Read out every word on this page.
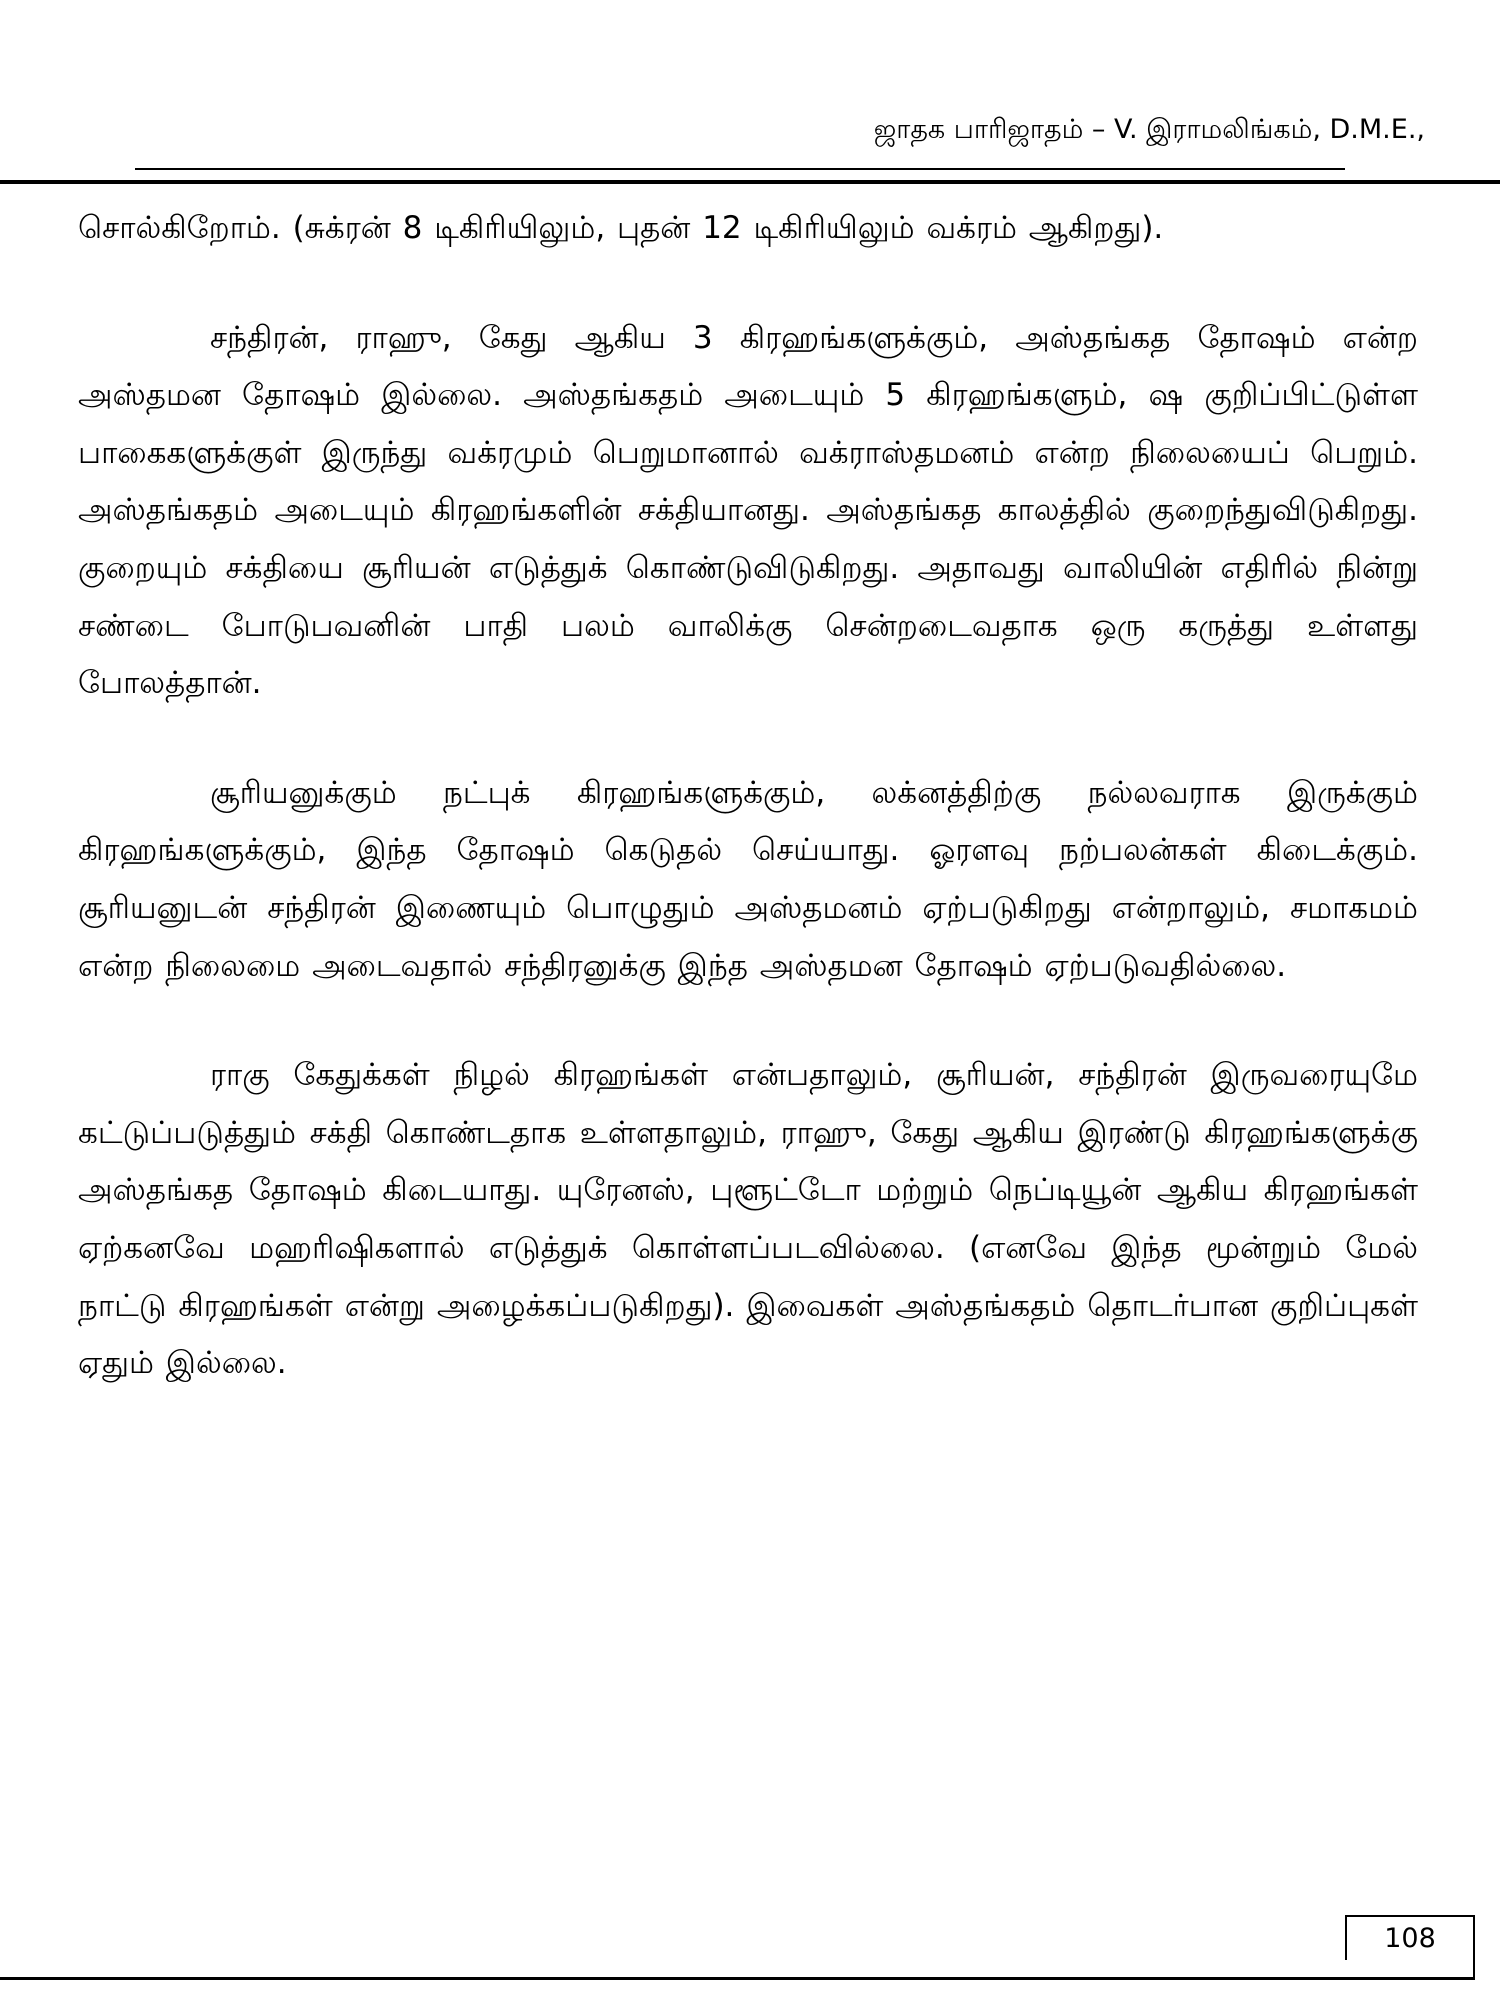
ஜாதக பாரிஜாதம் – V. இராமலிங்கம், D.M.E.,

சொல்கிறோம். (சுக்ரன் 8 டிகிரியிலும், புதன் 12 டிகிரியிலும் வக்ரம் ஆகிறது).

சந்திரன், ராஹு, கேது ஆகிய 3 கிரஹங்களுக்கும், அஸ்தங்கத தோஷம் என்ற அஸ்தமன தோஷம் இல்லை. அஸ்தங்கதம் அடையும் 5 கிரஹங்களும், ஷ குறிப்பிட்டுள்ள பாகைகளுக்குள் இருந்து வக்ரமும் பெறுமானால் வக்ராஸ்தமனம் என்ற நிலையைப் பெறும். அஸ்தங்கதம் அடையும் கிரஹங்களின் சக்தியானது. அஸ்தங்கத காலத்தில் குறைந்துவிடுகிறது. குறையும் சக்தியை சூரியன் எடுத்துக் கொண்டுவிடுகிறது. அதாவது வாலியின் எதிரில் நின்று சண்டை போடுபவனின் பாதி பலம் வாலிக்கு சென்றடைவதாக ஒரு கருத்து உள்ளது போலத்தான்.

சூரியனுக்கும் நட்புக் கிரஹங்களுக்கும், லக்னத்திற்கு நல்லவராக இருக்கும் கிரஹங்களுக்கும், இந்த தோஷம் கெடுதல் செய்யாது. ஓரளவு நற்பலன்கள் கிடைக்கும். சூரியனுடன் சந்திரன் இணையும் பொழுதும் அஸ்தமனம் ஏற்படுகிறது என்றாலும், சமாகமம் என்ற நிலைமை அடைவதால் சந்திரனுக்கு இந்த அஸ்தமன தோஷம் ஏற்படுவதில்லை.

ராகு கேதுக்கள் நிழல் கிரஹங்கள் என்பதாலும், சூரியன், சந்திரன் இருவரையுமே கட்டுப்படுத்தும் சக்தி கொண்டதாக உள்ளதாலும், ராஹு, கேது ஆகிய இரண்டு கிரஹங்களுக்கு அஸ்தங்கத தோஷம் கிடையாது. யுரேனஸ், புளூட்டோ மற்றும் நெப்டியூன் ஆகிய கிரஹங்கள் ஏற்கனவே மஹரிஷிகளால் எடுத்துக் கொள்ளப்படவில்லை. (எனவே இந்த மூன்றும் மேல் நாட்டு கிரஹங்கள் என்று அழைக்கப்படுகிறது). இவைகள் அஸ்தங்கதம் தொடர்பான குறிப்புகள் ஏதும் இல்லை.

108
